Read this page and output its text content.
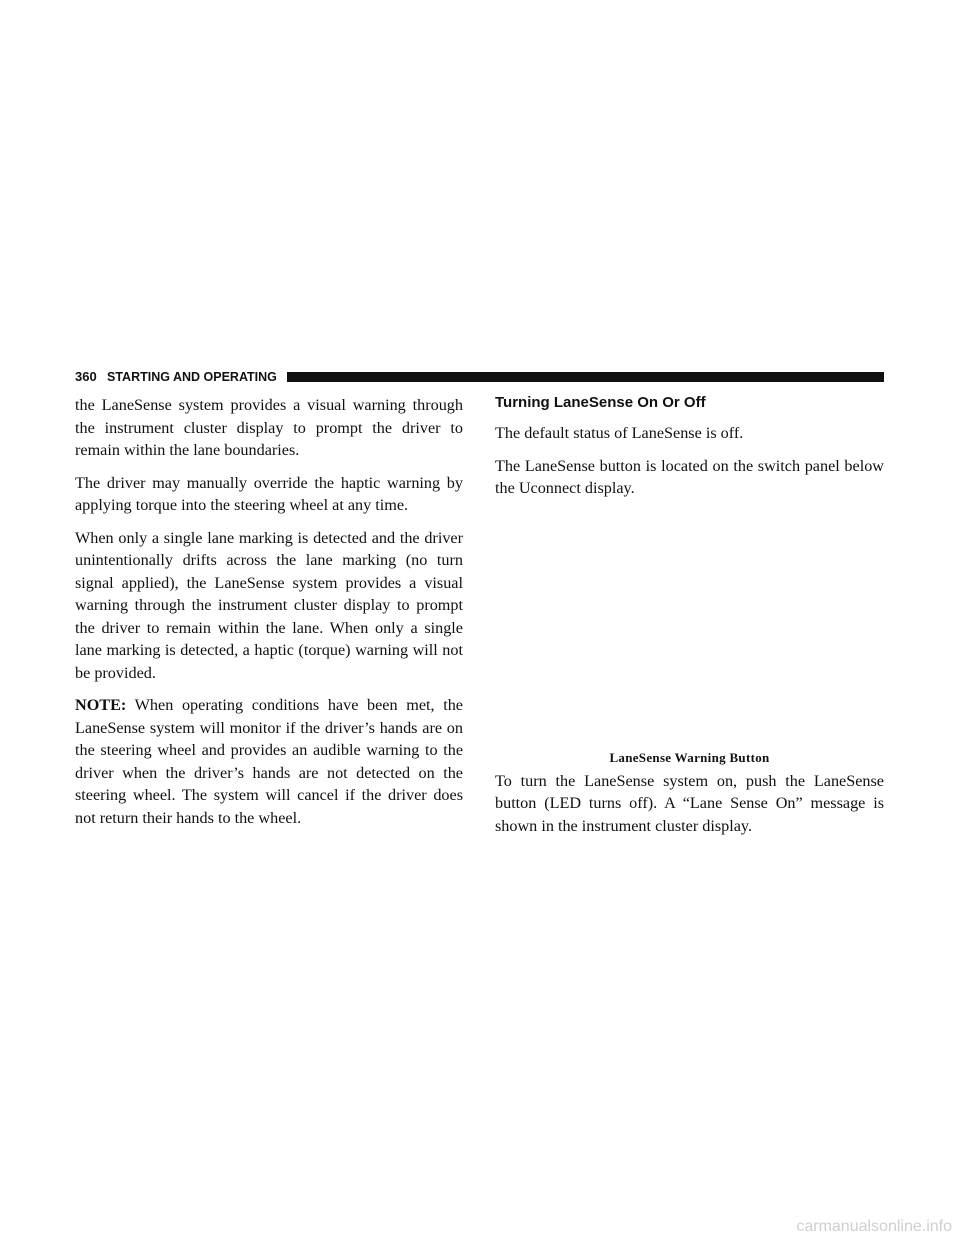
360 STARTING AND OPERATING

the LaneSense system provides a visual warning through the instrument cluster display to prompt the driver to remain within the lane boundaries.

The driver may manually override the haptic warning by applying torque into the steering wheel at any time.

When only a single lane marking is detected and the driver unintentionally drifts across the lane marking (no turn signal applied), the LaneSense system provides a visual warning through the instrument cluster display to prompt the driver to remain within the lane. When only a single lane marking is detected, a haptic (torque) warning will not be provided.

NOTE: When operating conditions have been met, the LaneSense system will monitor if the driver’s hands are on the steering wheel and provides an audible warning to the driver when the driver’s hands are not detected on the steering wheel. The system will cancel if the driver does not return their hands to the wheel.

Turning LaneSense On Or Off

The default status of LaneSense is off.

The LaneSense button is located on the switch panel below the Uconnect display.

LaneSense Warning Button

To turn the LaneSense system on, push the LaneSense button (LED turns off). A “Lane Sense On” message is shown in the instrument cluster display.

carmanualsonline.info
